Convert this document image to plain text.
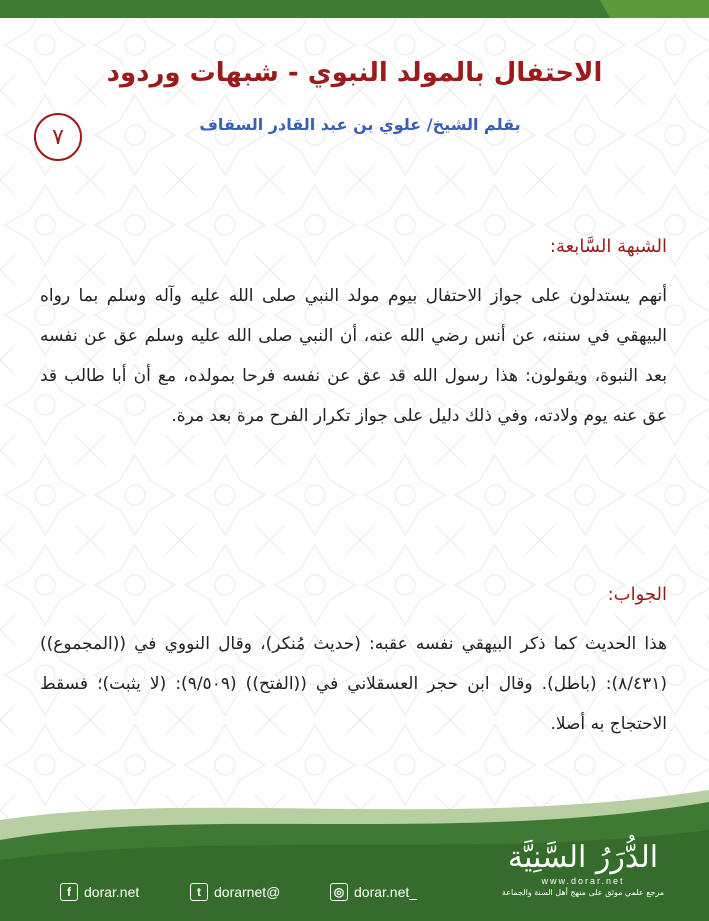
الاحتفال بالمولد النبوي - شبهات وردود
بقلم الشيخ/ علوي بن عبد القادر السقاف
٧
الشبهة السَّابعة:
أنهم يستدلون على جواز الاحتفال بيوم مولد النبي صلى الله عليه وآله وسلم بما رواه البيهقي في سننه، عن أنس رضي الله عنه، أن النبي صلى الله عليه وسلم عق عن نفسه بعد النبوة، ويقولون: هذا رسول الله قد عق عن نفسه فرحا بمولده، مع أن أبا طالب قد عق عنه يوم ولادته، وفي ذلك دليل على جواز تكرار الفرح مرة بعد مرة.
الجواب:
هذا الحديث كما ذكر البيهقي نفسه عقبه: (حديث مُنكر)، وقال النووي في ((المجموع)) (٨/٤٣١): (باطل). وقال ابن حجر العسقلاني في ((الفتح)) (٩/٥٠٩): (لا يثبت)؛ فسقط الاحتجاج به أصلا.
f dorar.net	t dorarnet@	◎ dorar.net_
الدُّرَرُ السَّنِيَّة
www.dorar.net
مرجع علمي موثق على منهج أهل السنة والجماعة
